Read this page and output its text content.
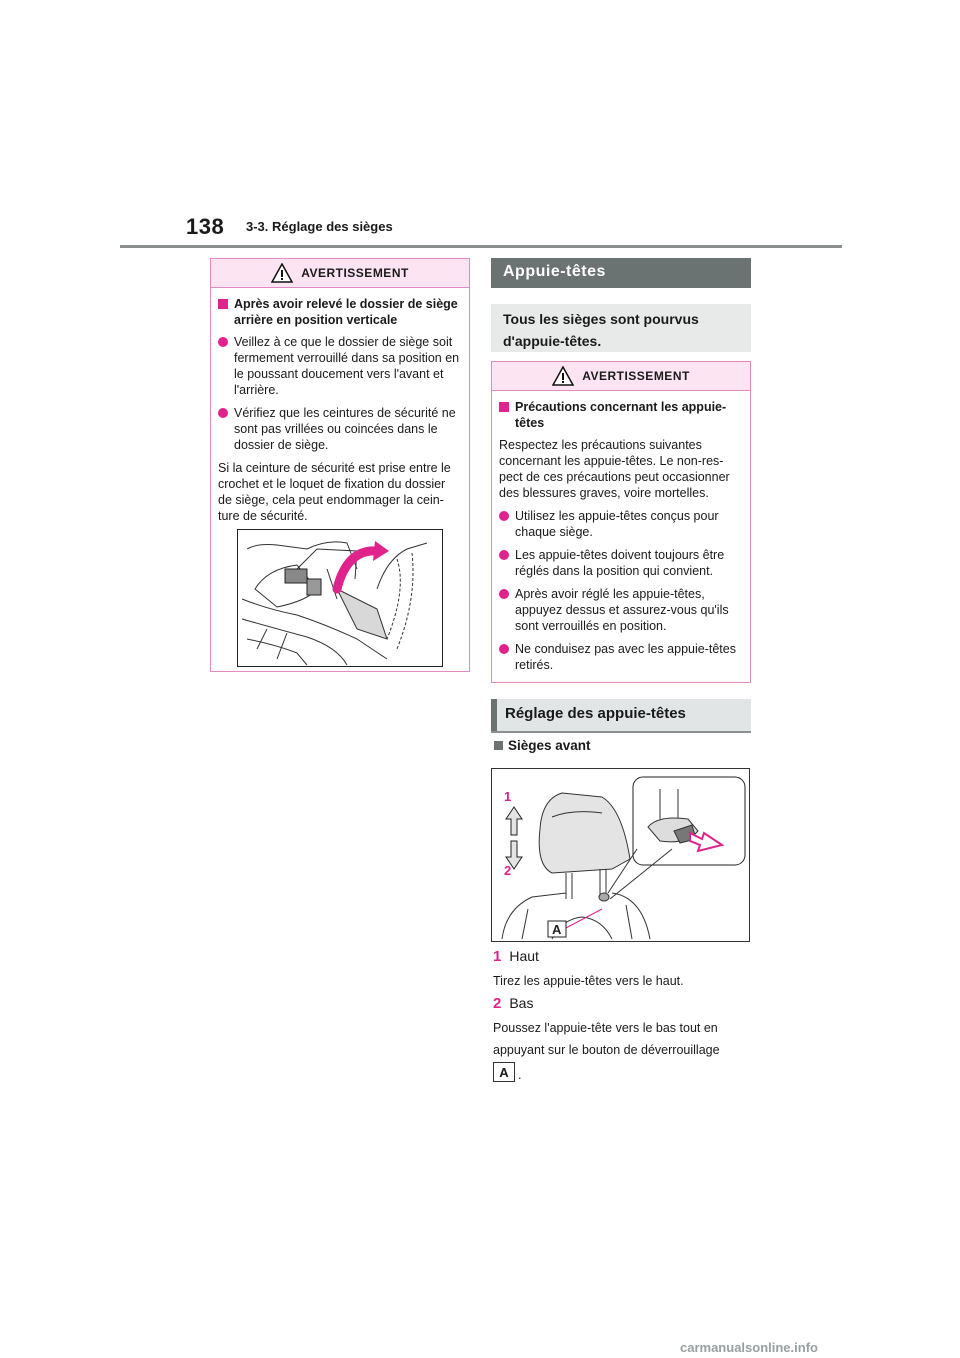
138 3-3. Réglage des sièges
AVERTISSEMENT
Après avoir relevé le dossier de siège arrière en position verticale
Veillez à ce que le dossier de siège soit fermement verrouillé dans sa position en le poussant doucement vers l'avant et l'arrière.
Vérifiez que les ceintures de sécurité ne sont pas vrillées ou coincées dans le dossier de siège.
Si la ceinture de sécurité est prise entre le crochet et le loquet de fixation du dossier de siège, cela peut endommager la cein-ture de sécurité.
Appuie-têtes
Tous les sièges sont pourvus
d'appuie-têtes.
AVERTISSEMENT
Précautions concernant les appuie-têtes
Respectez les précautions suivantes concernant les appuie-têtes. Le non-res-pect de ces précautions peut occasionner des blessures graves, voire mortelles.
Utilisez les appuie-têtes conçus pour chaque siège.
Les appuie-têtes doivent toujours être réglés dans la position qui convient.
Après avoir réglé les appuie-têtes, appuyez dessus et assurez-vous qu'ils sont verrouillés en position.
Ne conduisez pas avec les appuie-têtes retirés.
Réglage des appuie-têtes
Sièges avant
1
2
A
1 Haut
Tirez les appuie-têtes vers le haut.
2 Bas
Poussez l'appuie-tête vers le bas tout en
appuyant sur le bouton de déverrouillage
A .
carmanualsonline.info
